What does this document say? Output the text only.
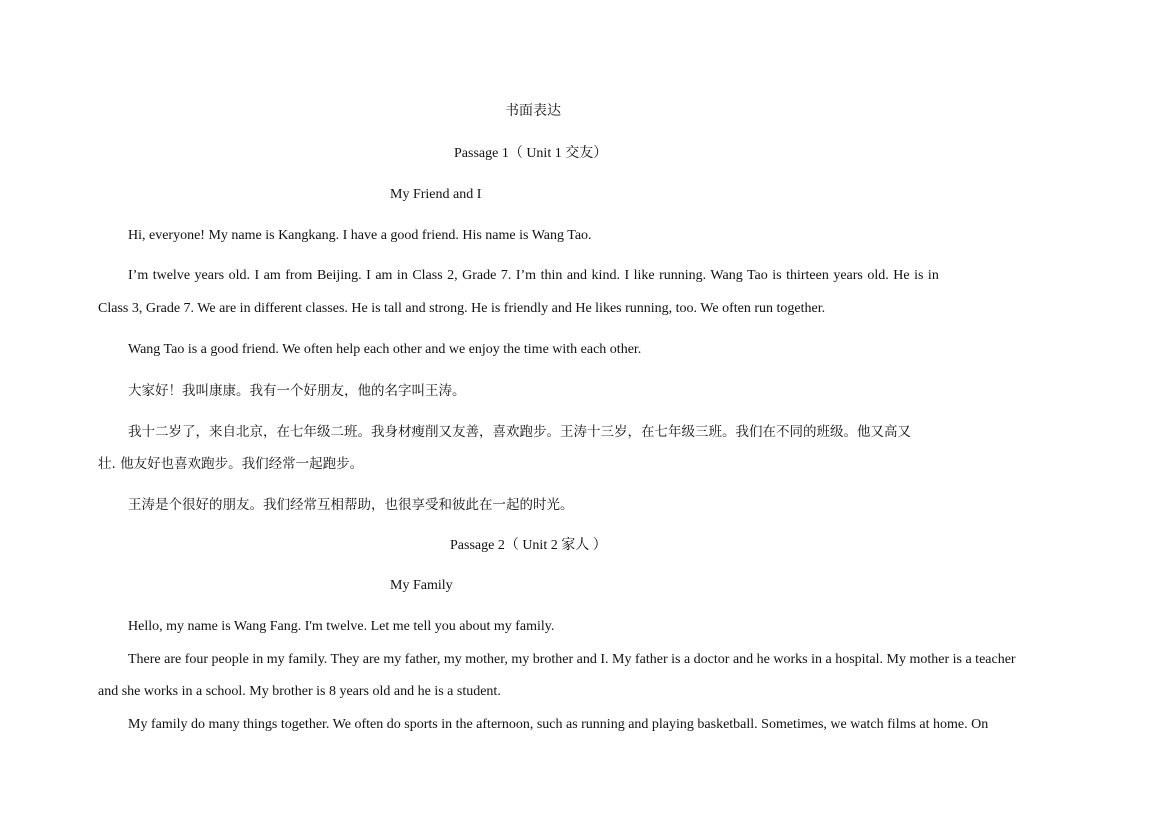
书面表达
Passage 1（ Unit 1 交友）
My Friend and I
Hi, everyone! My name is Kangkang. I have a good friend. His name is Wang Tao.
I’m twelve years old. I am from Beijing. I am in Class 2, Grade 7. I’m thin and kind. I like running. Wang Tao is thirteen years old. He is in
Class 3, Grade 7. We are in different classes. He is tall and strong. He is friendly and He likes running, too. We often run together.
Wang Tao is a good friend. We often help each other and we enjoy the time with each other.
大家好！我叫康康。我有一个好朋友，他的名字叫王涛。
我十二岁了，来自北京，在七年级二班。我身材瘦削又友善，喜欢跑步。王涛十三岁，在七年级三班。我们在不同的班级。他又高又
壮. 他友好也喜欢跑步。我们经常一起跑步。
王涛是个很好的朋友。我们经常互相帮助，也很享受和彼此在一起的时光。
Passage 2（ Unit 2 家人 ）
My Family
Hello, my name is Wang Fang. I'm twelve. Let me tell you about my family.
There are four people in my family. They are my father, my mother, my brother and I. My father is a doctor and he works in a hospital. My mother is a teacher
and she works in a school. My brother is 8 years old and he is a student.
My family do many things together. We often do sports in the afternoon, such as running and playing basketball. Sometimes, we watch films at home. On
